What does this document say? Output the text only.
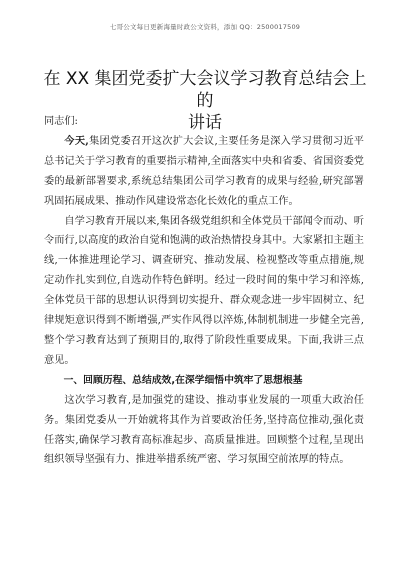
七哥公文每日更新海量时政公文资料，添加 QQ：2500017509
在 XX 集团党委扩大会议学习教育总结会上的
讲话

同志们:

今天,集团党委召开这次扩大会议,主要任务是深入学习贯彻习近平总书记关于学习教育的重要指示精神,全面落实中央和省委、省国资委党委的最新部署要求,系统总结集团公司学习教育的成果与经验,研究部署巩固拓展成果、推动作风建设常态化长效化的重点工作。

自学习教育开展以来,集团各级党组织和全体党员干部闻令而动、听令而行,以高度的政治自觉和饱满的政治热情投身其中。大家紧扣主题主线,一体推进理论学习、调查研究、推动发展、检视整改等重点措施,规定动作扎实到位,自选动作特色鲜明。经过一段时间的集中学习和淬炼,全体党员干部的思想认识得到切实提升、群众观念进一步牢固树立、纪律规矩意识得到不断增强,严实作风得以淬炼,体制机制进一步健全完善,整个学习教育达到了预期目的,取得了阶段性重要成果。下面,我讲三点意见。

一、回顾历程、总结成效,在深学细悟中筑牢了思想根基

这次学习教育,是加强党的建设、推动事业发展的一项重大政治任务。集团党委从一开始就将其作为首要政治任务,坚持高位推动,强化责任落实,确保学习教育高标准起步、高质量推进。回顾整个过程,呈现出组织领导坚强有力、推进举措系统严密、学习氛围空前浓厚的特点。
